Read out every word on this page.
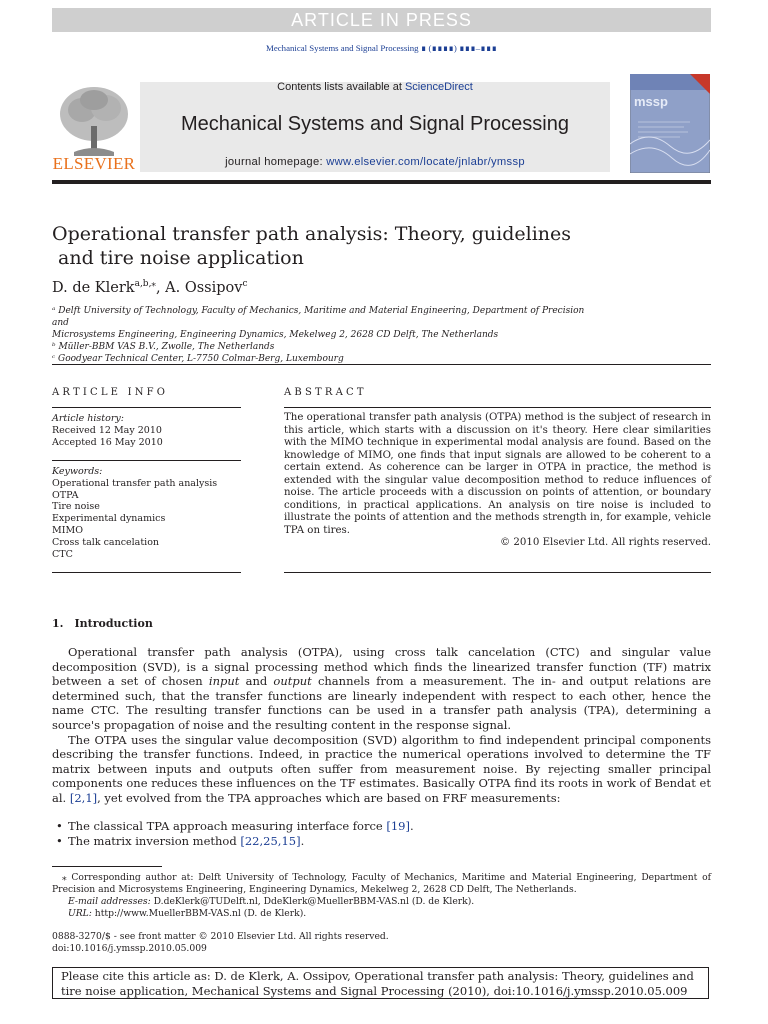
ARTICLE IN PRESS
Mechanical Systems and Signal Processing ∎ (∎∎∎∎) ∎∎∎–∎∎∎
ELSEVIER
Contents lists available at ScienceDirect
Mechanical Systems and Signal Processing
journal homepage: www.elsevier.com/locate/jnlabr/ymssp
mssp
Operational transfer path analysis: Theory, guidelines
and tire noise application
D. de Klerk$^{a,b,⁎}$, A. Ossipov$^c$

ᵃ Delft University of Technology, Faculty of Mechanics, Maritime and Material Engineering, Department of Precision and

Microsystems Engineering, Engineering Dynamics, Mekelweg 2, 2628 CD Delft, The Netherlands

ᵇ Müller-BBM VAS B.V., Zwolle, The Netherlands

ᶜ Goodyear Technical Center, L-7750 Colmar-Berg, Luxembourg

ARTICLE INFO	ABSTRACT

Article history:

Received 12 May 2010

Accepted 16 May 2010

Keywords:

Operational transfer path analysis

OTPA

Tire noise

Experimental dynamics

MIMO

Cross talk cancelation

CTC

The operational transfer path analysis (OTPA) method is the subject of research in this article, which starts with a discussion on it's theory. Here clear similarities with the MIMO technique in experimental modal analysis are found. Based on the knowledge of MIMO, one finds that input signals are allowed to be coherent to a certain extend. As coherence can be larger in OTPA in practice, the method is extended with the singular value decomposition method to reduce influences of noise. The article proceeds with a discussion on points of attention, or boundary conditions, in practical applications. An analysis on tire noise is included to illustrate the points of attention and the methods strength in, for example, vehicle TPA on tires.

© 2010 Elsevier Ltd. All rights reserved.

1. Introduction

Operational transfer path analysis (OTPA), using cross talk cancelation (CTC) and singular value decomposition (SVD), is a signal processing method which finds the linearized transfer function (TF) matrix between a set of chosen input and output channels from a measurement. The in- and output relations are determined such, that the transfer functions are linearly independent with respect to each other, hence the name CTC. The resulting transfer functions can be used in a transfer path analysis (TPA), determining a source's propagation of noise and the resulting content in the response signal.

The OTPA uses the singular value decomposition (SVD) algorithm to find independent principal components describing the transfer functions. Indeed, in practice the numerical operations involved to determine the TF matrix between inputs and outputs often suffer from measurement noise. By rejecting smaller principal components one reduces these influences on the TF estimates. Basically OTPA find its roots in work of Bendat et al. [2,1], yet evolved from the TPA approaches which are based on FRF measurements:

• The classical TPA approach measuring interface force [19].
• The matrix inversion method [22,25,15].

⁎ Corresponding author at: Delft University of Technology, Faculty of Mechanics, Maritime and Material Engineering, Department of Precision and Microsystems Engineering, Engineering Dynamics, Mekelweg 2, 2628 CD Delft, The Netherlands.

E-mail addresses: D.deKlerk@TUDelft.nl, DdeKlerk@MuellerBBM-VAS.nl (D. de Klerk).

URL: http://www.MuellerBBM-VAS.nl (D. de Klerk).

0888-3270/$ - see front matter © 2010 Elsevier Ltd. All rights reserved.

doi:10.1016/j.ymssp.2010.05.009

Please cite this article as: D. de Klerk, A. Ossipov, Operational transfer path analysis: Theory, guidelines and tire noise application, Mechanical Systems and Signal Processing (2010), doi:10.1016/j.ymssp.2010.05.009
